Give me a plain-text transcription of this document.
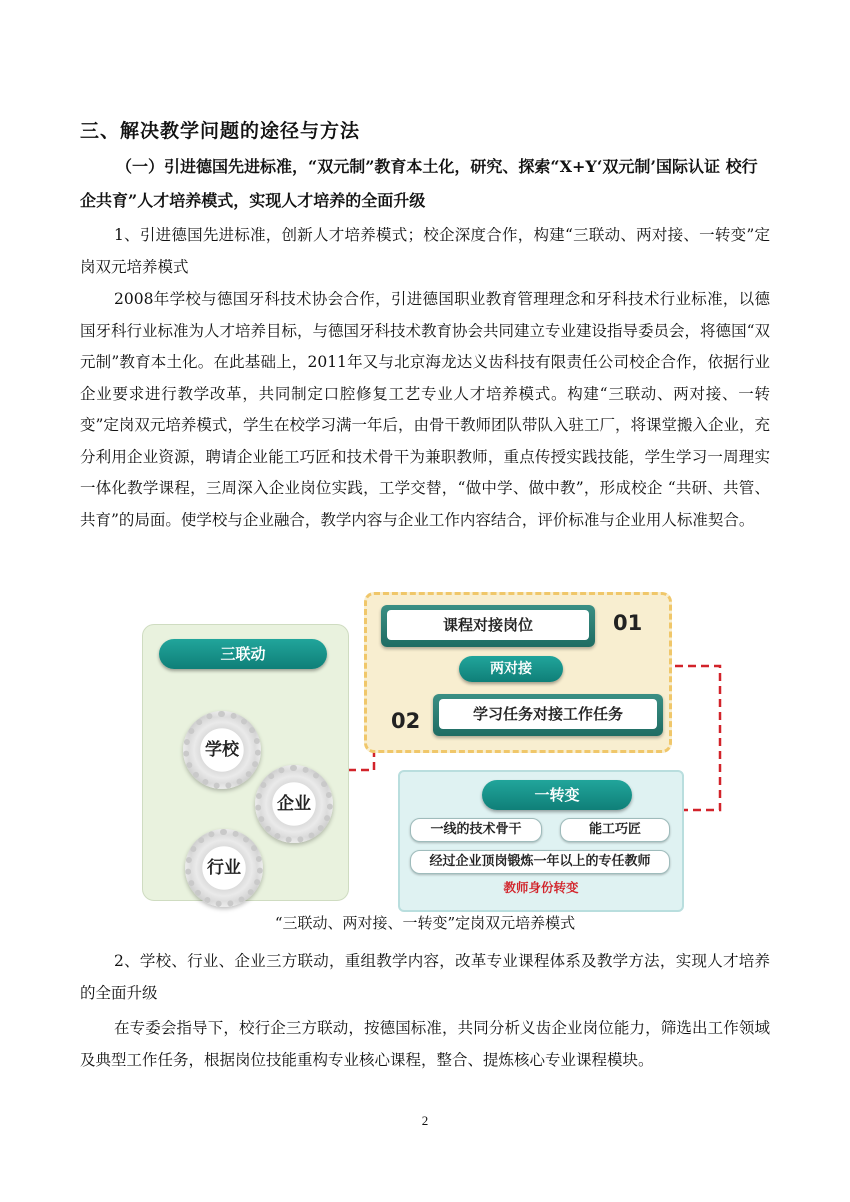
三、解决教学问题的途径与方法
（一）引进德国先进标准，“双元制”教育本土化，研究、探索“X+Y‘双元制’国际认证 校行企共育”人才培养模式，实现人才培养的全面升级
1、引进德国先进标准，创新人才培养模式；校企深度合作，构建“三联动、两对接、一转变”定岗双元培养模式
2008年学校与德国牙科技术协会合作，引进德国职业教育管理理念和牙科技术行业标准，以德国牙科行业标准为人才培养目标，与德国牙科技术教育协会共同建立专业建设指导委员会，将德国“双元制”教育本土化。在此基础上，2011年又与北京海龙达义齿科技有限责任公司校企合作，依据行业企业要求进行教学改革，共同制定口腔修复工艺专业人才培养模式。构建“三联动、两对接、一转变”定岗双元培养模式，学生在校学习满一年后，由骨干教师团队带队入驻工厂，将课堂搬入企业，充分利用企业资源，聘请企业能工巧匠和技术骨干为兼职教师，重点传授实践技能，学生学习一周理实一体化教学课程，三周深入企业岗位实践，工学交替，“做中学、做中教”，形成校企 “共研、共管、共育”的局面。使学校与企业融合，教学内容与企业工作内容结合，评价标准与企业用人标准契合。
三联动
学校
企业
行业
课程对接岗位	01
两对接
02	学习任务对接工作任务
一转变
一线的技术骨干	能工巧匠
经过企业顶岗锻炼一年以上的专任教师
教师身份转变
“三联动、两对接、一转变”定岗双元培养模式
2、学校、行业、企业三方联动，重组教学内容，改革专业课程体系及教学方法，实现人才培养的全面升级
在专委会指导下，校行企三方联动，按德国标准，共同分析义齿企业岗位能力，筛选出工作领域及典型工作任务，根据岗位技能重构专业核心课程，整合、提炼核心专业课程模块。
2
